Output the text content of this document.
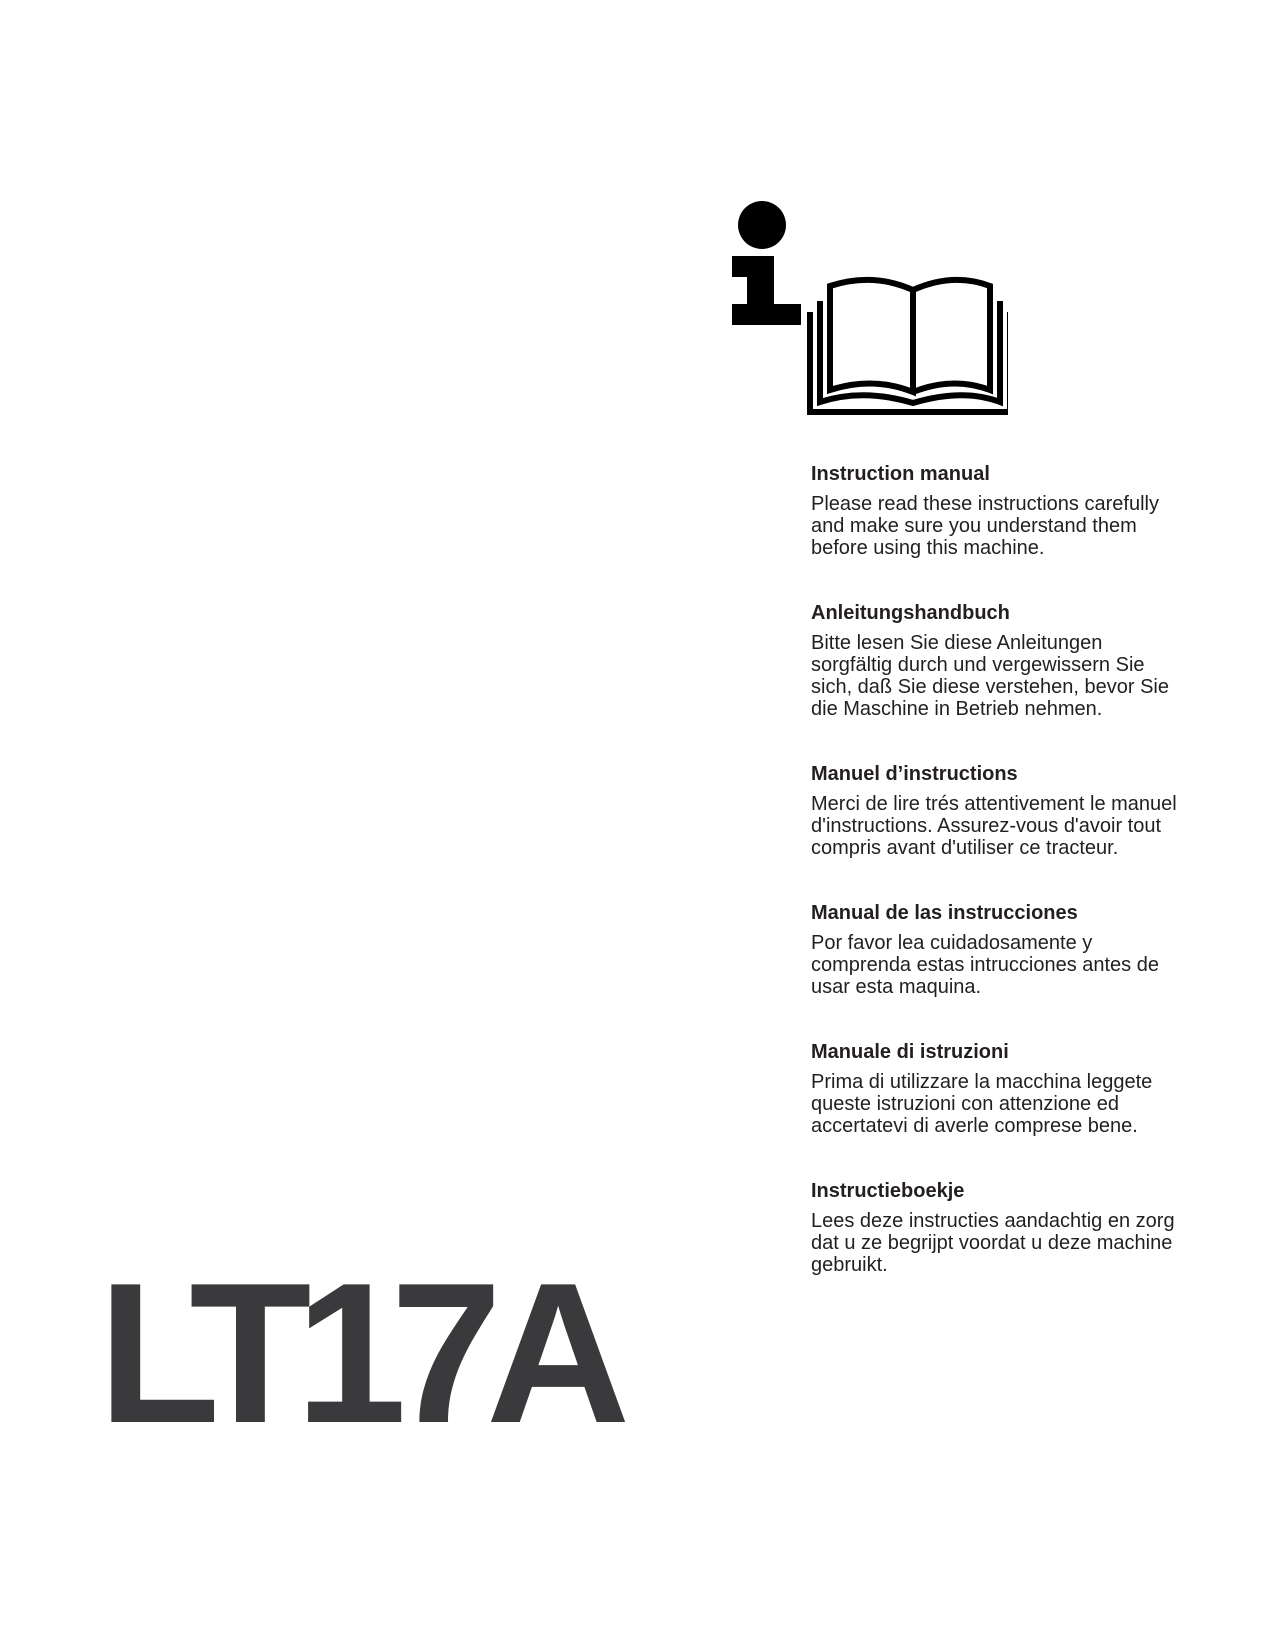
Instruction manual

Please read these instructions carefully
and make sure you understand them
before using this machine.

Anleitungshandbuch

Bitte lesen Sie diese Anleitungen
sorgfältig durch und vergewissern Sie
sich, daß Sie diese verstehen, bevor Sie
die Maschine in Betrieb nehmen.

Manuel d’instructions

Merci de lire trés attentivement le manuel
d'instructions. Assurez-vous d'avoir tout
compris avant d'utiliser ce tracteur.

Manual de las instrucciones

Por favor lea cuidadosamente y
comprenda estas intrucciones antes de
usar esta maquina.

Manuale di istruzioni

Prima di utilizzare la macchina leggete
queste istruzioni con attenzione ed
accertatevi di averle comprese bene.

Instructieboekje

Lees deze instructies aandachtig en zorg
dat u ze begrijpt voordat u deze machine
gebruikt.

LT17A
